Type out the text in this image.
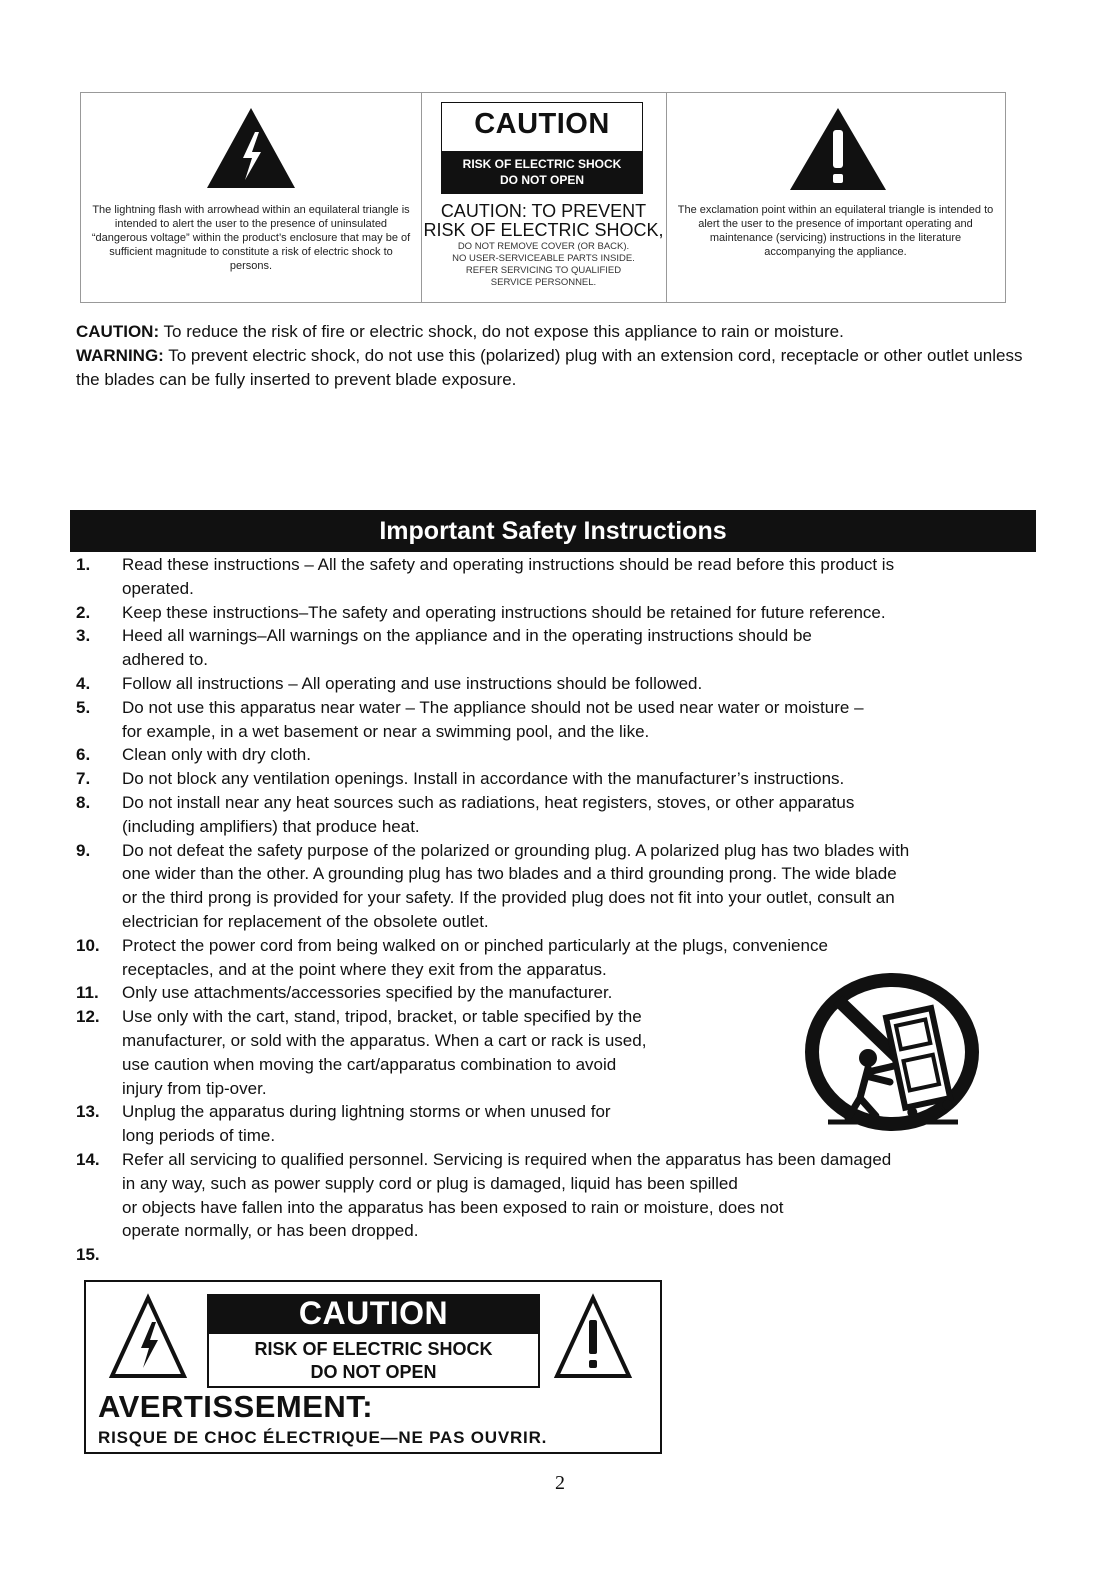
The lightning flash with arrowhead within an equilateral triangle is intended to alert the user to the presence of uninsulated “dangerous voltage” within the product’s enclosure that may be of sufficient magnitude to constitute a risk of electric shock to persons.
CAUTION
RISK OF ELECTRIC SHOCK
DO NOT OPEN
CAUTION: TO PREVENT
RISK OF ELECTRIC SHOCK,
DO NOT REMOVE COVER (OR BACK).
NO USER-SERVICEABLE PARTS INSIDE.
REFER SERVICING TO QUALIFIED
SERVICE PERSONNEL.
The exclamation point within an equilateral triangle is intended to alert the user to the presence of important operating and maintenance (servicing) instructions in the literature accompanying the appliance.
CAUTION: To reduce the risk of fire or electric shock, do not expose this appliance to rain or moisture.
WARNING: To prevent electric shock, do not use this (polarized) plug with an extension cord, receptacle or other outlet unless the blades can be fully inserted to prevent blade exposure.
Important Safety Instructions
1. Read these instructions – All the safety and operating instructions should be read before this product is
operated.
2. Keep these instructions–The safety and operating instructions should be retained for future reference.
3. Heed all warnings–All warnings on the appliance and in the operating instructions should be
adhered to.
4. Follow all instructions – All operating and use instructions should be followed.
5. Do not use this apparatus near water – The appliance should not be used near water or moisture –
for example, in a wet basement or near a swimming pool, and the like.
6. Clean only with dry cloth.
7. Do not block any ventilation openings. Install in accordance with the manufacturer’s instructions.
8. Do not install near any heat sources such as radiations, heat registers, stoves, or other apparatus
(including amplifiers) that produce heat.
9. Do not defeat the safety purpose of the polarized or grounding plug. A polarized plug has two blades with
one wider than the other. A grounding plug has two blades and a third grounding prong. The wide blade
or the third prong is provided for your safety. If the provided plug does not fit into your outlet, consult an
electrician for replacement of the obsolete outlet.
10. Protect the power cord from being walked on or pinched particularly at the plugs, convenience
receptacles, and at the point where they exit from the apparatus.
11. Only use attachments/accessories specified by the manufacturer.
12. Use only with the cart, stand, tripod, bracket, or table specified by the
manufacturer, or sold with the apparatus. When a cart or rack is used,
use caution when moving the cart/apparatus combination to avoid
injury from tip-over.
13. Unplug the apparatus during lightning storms or when unused for
long periods of time.
14. Refer all servicing to qualified personnel. Servicing is required when the apparatus has been damaged
in any way, such as power supply cord or plug is damaged, liquid has been spilled
or objects have fallen into the apparatus has been exposed to rain or moisture, does not
operate normally, or has been dropped.
15.

CAUTION
RISK OF ELECTRIC SHOCK
DO NOT OPEN
AVERTISSEMENT:
RISQUE DE CHOC ÉLECTRIQUE—NE PAS OUVRIR.
2
